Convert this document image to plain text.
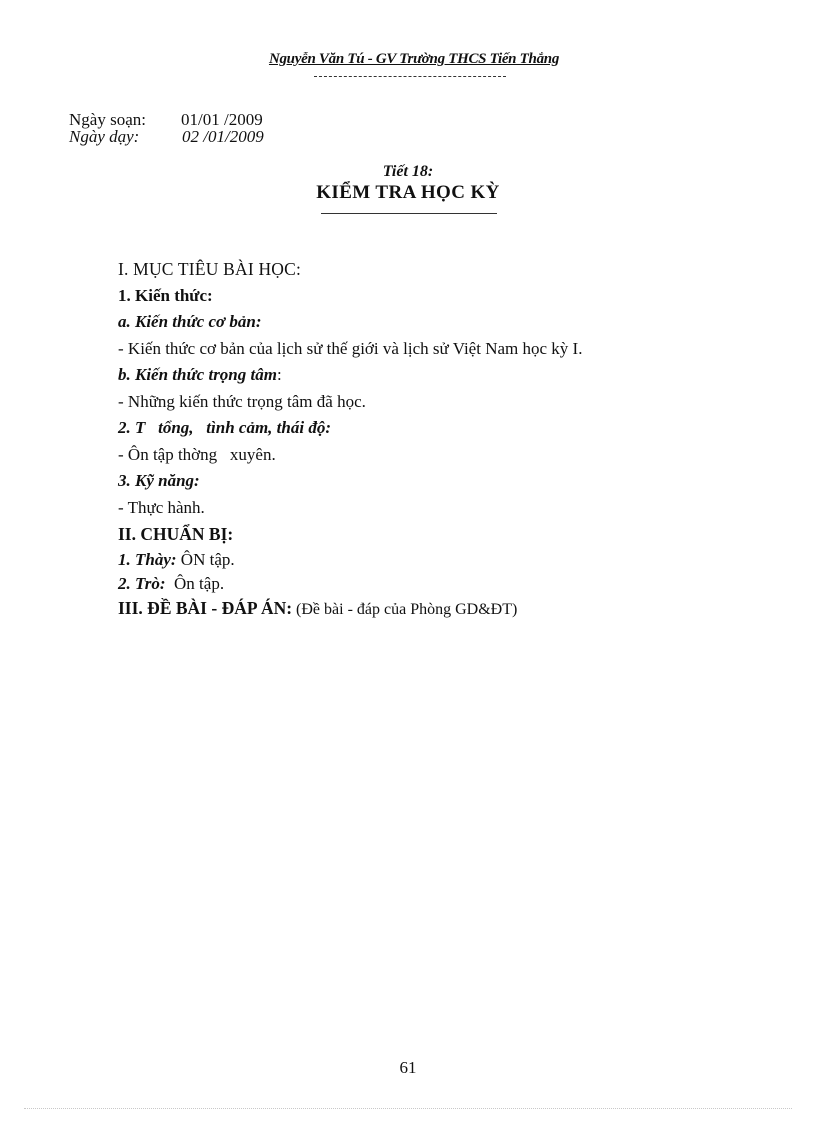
Nguyễn Văn Tú - GV Trường THCS Tiến Thắng
Ngày soạn: 01/01 /2009
Ngày dạy:	02 /01/2009
Tiết 18:
KIỂM TRA HỌC KỲ
I. MỤC TIÊU BÀI HỌC:
1. Kiến thức:
a. Kiến thức cơ bản:
- Kiến thức cơ bản của lịch sử thế giới và lịch sử Việt Nam học kỳ I.
b. Kiến thức trọng tâm:
- Những kiến thức trọng tâm đã học.
2. T   tổng,   tình cảm, thái độ:
- Ôn tập thờng   xuyên.
3. Kỹ năng:
- Thực hành.
II. CHUẨN BỊ:
1. Thày: ÔN tập.
2. Trò:  Ôn tập.
III. ĐỀ BÀI - ĐÁP ÁN: (Đề bài - đáp của Phòng GD&ĐT)
61
